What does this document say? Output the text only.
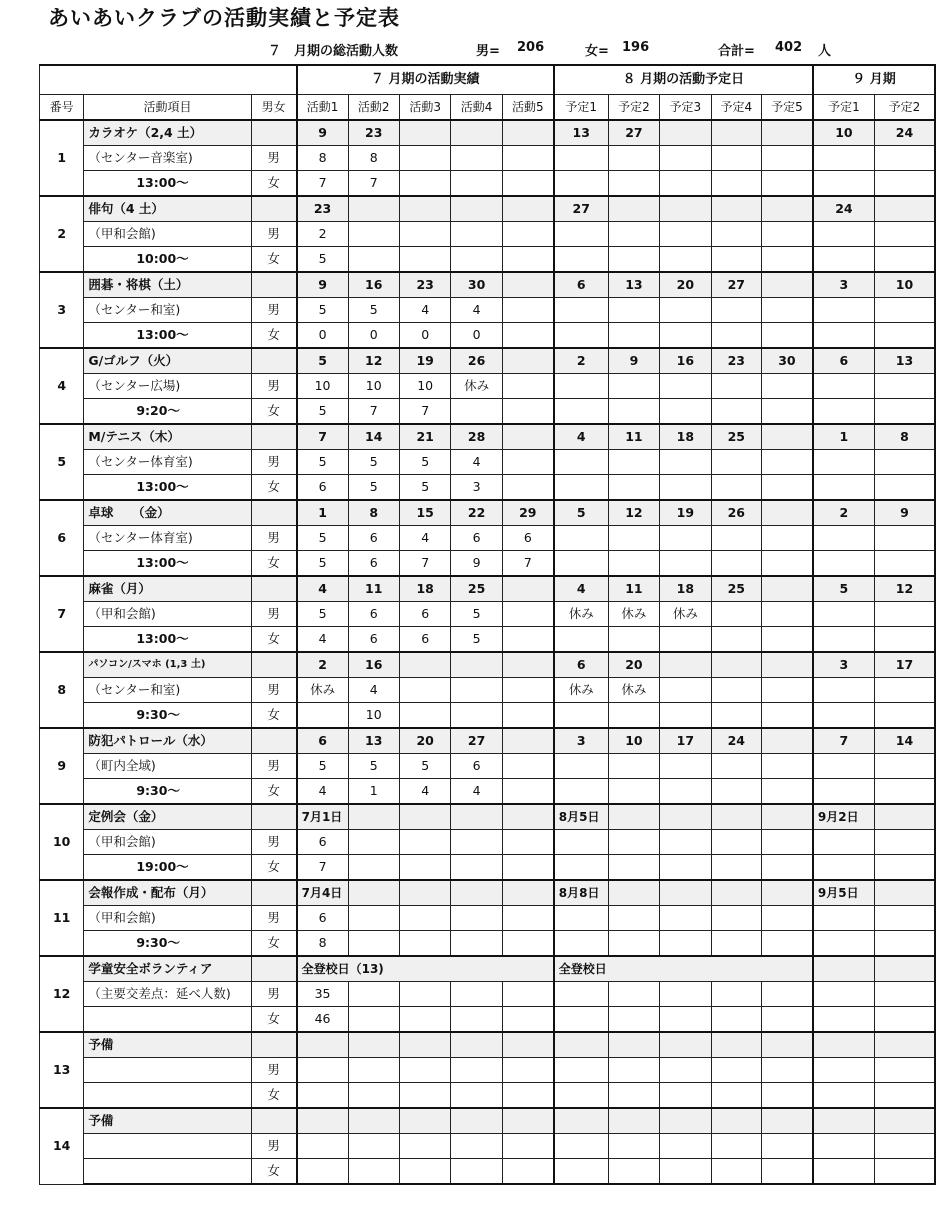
あいあいクラブの活動実績と予定表
７　月期の総活動人数	男= 206	女= 196	合計= 402 人
			７ 月期の活動実績					８ 月期の活動予定日					９ 月期	
番号	活動項目	男女	活動1	活動2	活動3	活動4	活動5	予定1	予定2	予定3	予定4	予定5	予定1	予定2
1	カラオケ（2,4 土）		9	23				13	27				10	24
	（センター音楽室)	男	8	8										
	13:00～	女	7	7										
2	俳句（4 土）		23					27					24	
	（甲和会館)	男	2											
	10:00～	女	5											
3	囲碁・将棋（土）		9	16	23	30		6	13	20	27		3	10
	（センター和室)	男	5	5	4	4								
	13:00～	女	0	0	0	0								
4	G/ゴルフ（火）		5	12	19	26		2	9	16	23	30	6	13
	（センター広場)	男	10	10	10	休み								
	9:20～	女	5	7	7									
5	M/テニス（木）		7	14	21	28		4	11	18	25		1	8
	（センター体育室)	男	5	5	5	4								
	13:00～	女	6	5	5	3								
6	卓球　　（金）		1	8	15	22	29	5	12	19	26		2	9
	（センター体育室)	男	5	6	4	6	6							
	13:00～	女	5	6	7	9	7							
7	麻雀（月）		4	11	18	25		4	11	18	25		5	12
	（甲和会館)	男	5	6	6	5		休み	休み	休み				
	13:00～	女	4	6	6	5								
8	パソコン/スマホ (1,3 土)		2	16				6	20				3	17
	（センター和室)	男	休み	4				休み	休み					
	9:30～	女		10										
9	防犯パトロール（水）		6	13	20	27		3	10	17	24		7	14
	（町内全域)	男	5	5	5	6								
	9:30～	女	4	1	4	4								
10	定例会（金）		7月1日					8月5日					9月2日	
	（甲和会館)	男	6											
	19:00～	女	7											
11	会報作成・配布（月）		7月4日					8月8日					9月5日	
	（甲和会館)	男	6											
	9:30～	女	8											
12	学童安全ボランティア		全登校日（13)					全登校日						
	（主要交差点：延べ人数)	男	35											
		女	46											
13	予備													
		男												
		女												
14	予備													
		男												
		女												
